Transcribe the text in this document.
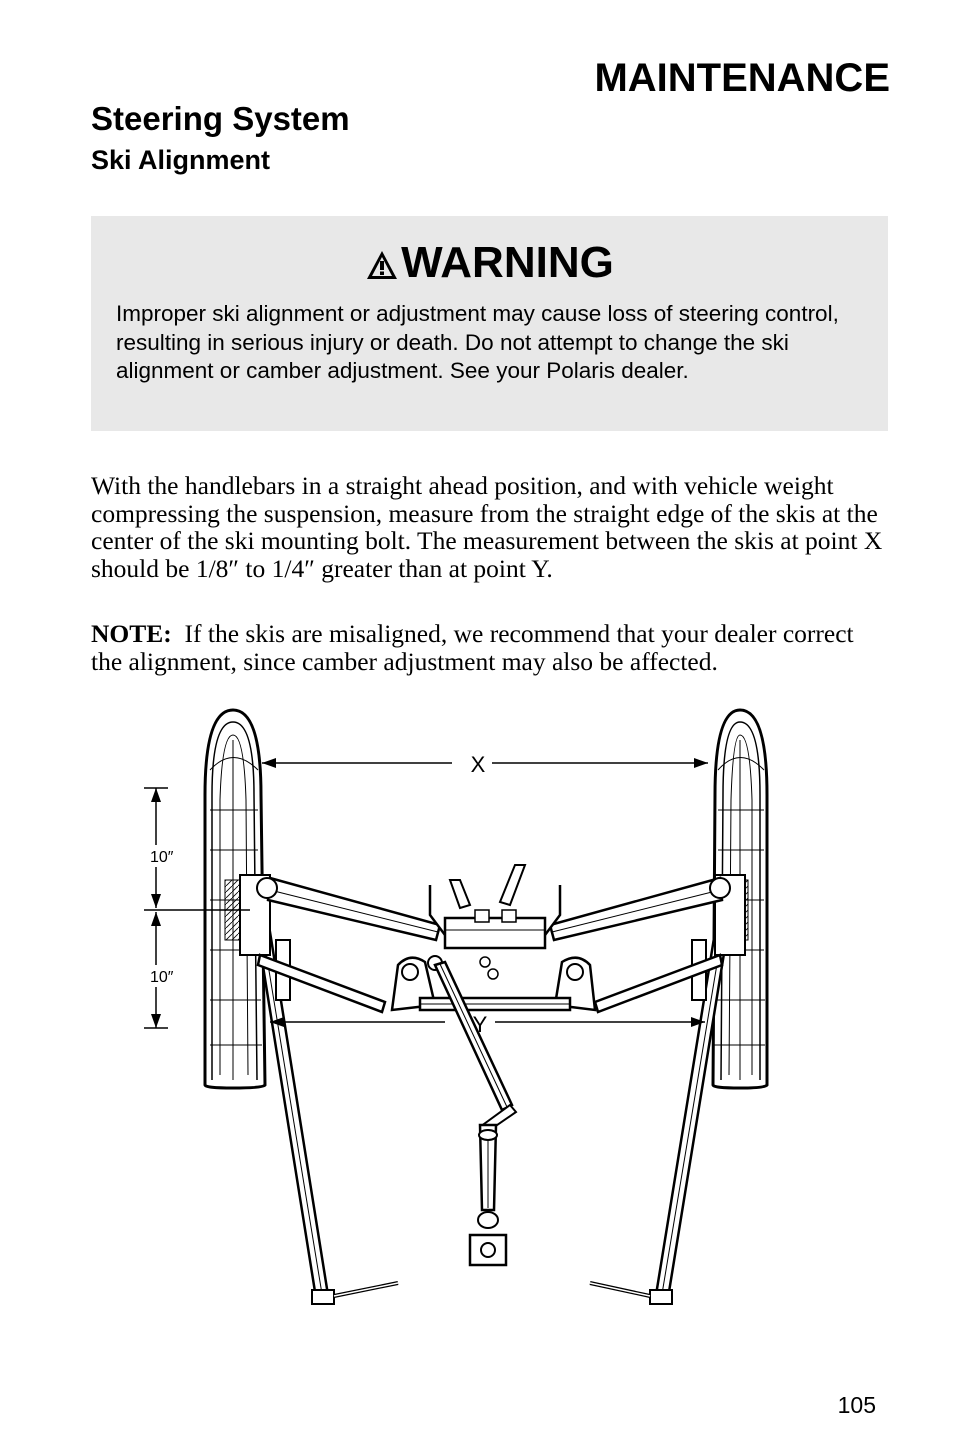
MAINTENANCE
Steering System
Ski Alignment
WARNING
Improper ski alignment or adjustment may cause loss of steering control, resulting in serious injury or death. Do not attempt to change the ski alignment or camber adjustment. See your Polaris dealer.
With the handlebars in a straight ahead position, and with vehicle weight compressing the suspension, measure from the straight edge of the skis at the center of the ski mounting bolt. The measurement between the skis at point X should be 1/8″ to 1/4″ greater than at point Y.
NOTE: If the skis are misaligned, we recommend that your dealer correct the alignment, since camber adjustment may also be affected.
X
Y
10″
10″
105
